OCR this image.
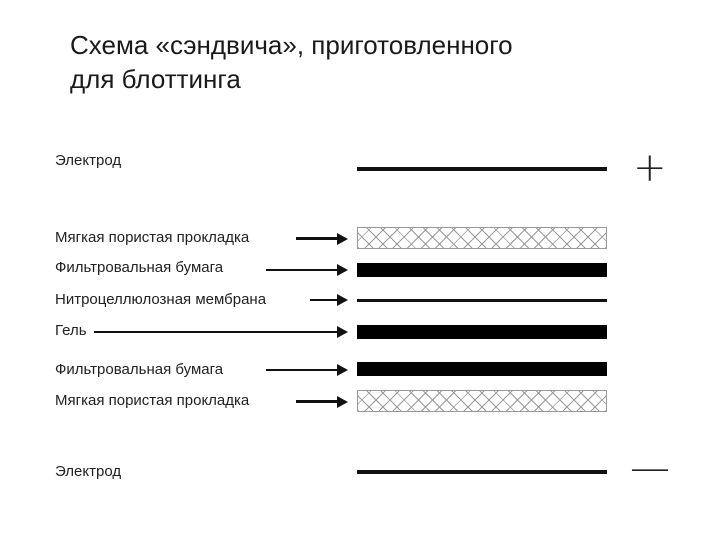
Схема «сэндвича», приготовленного
для блоттинга
Электрод	+
Мягкая пористая прокладка
Фильтровальная бумага
Нитроцеллюлозная мембрана
Гель
Фильтровальная бумага
Мягкая пористая прокладка
Электрод	—
